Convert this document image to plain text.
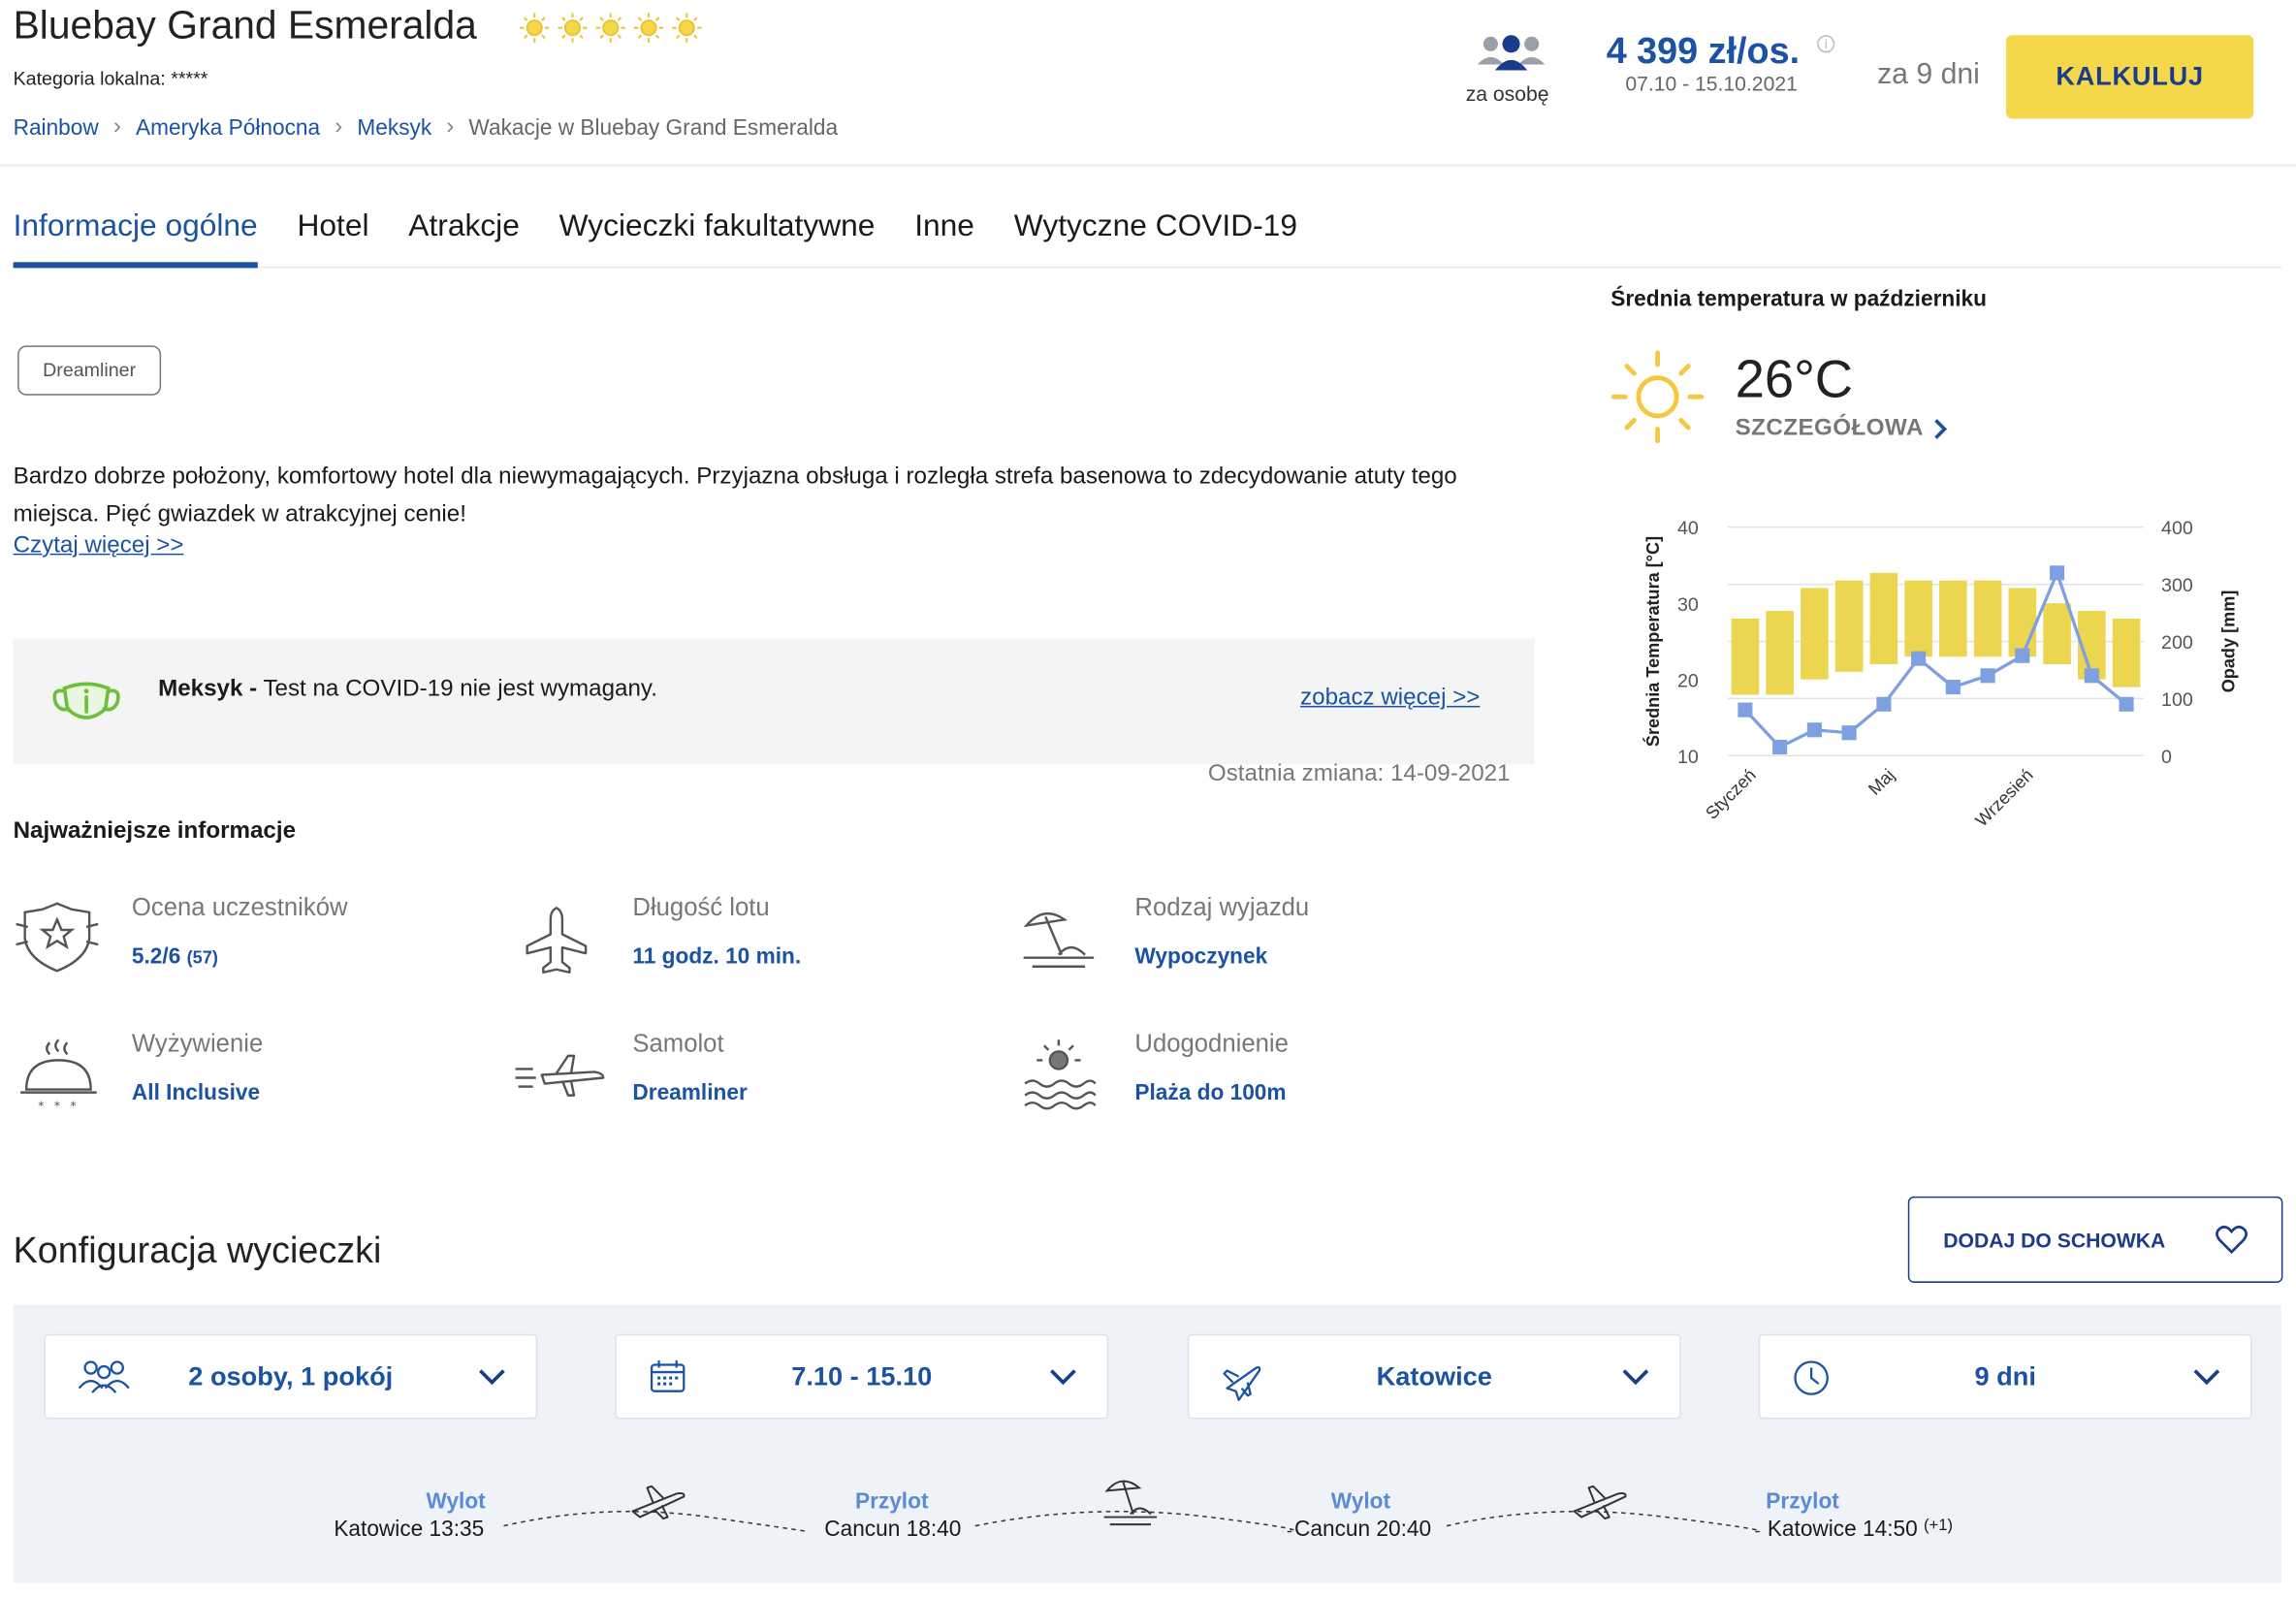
Bluebay Grand Esmeralda
Kategoria lokalna: *****
Rainbow › Ameryka Północna › Meksyk › Wakacje w Bluebay Grand Esmeralda
za osobę
4 399 zł/os.	i
07.10 - 15.10.2021	za 9 dni	KALKULUJ
Informacje ogólne Hotel Atrakcje Wycieczki fakultatywne Inne Wytyczne COVID-19
Dreamliner
Bardzo dobrze położony, komfortowy hotel dla niewymagających. Przyjazna obsługa i rozległa strefa basenowa to zdecydowanie atuty tego miejsca. Pięć gwiazdek w atrakcyjnej cenie!
Czytaj więcej >>
Meksyk - Test na COVID-19 nie jest wymagany.	zobacz więcej >>
Ostatnia zmiana: 14-09-2021
Najważniejsze informacje
Ocena uczestników
5.2/6 (57)
Długość lotu
11 godz. 10 min.
Rodzaj wyjazdu
Wypoczynek
* * *
Wyżywienie
All Inclusive
Samolot
Dreamliner
Udogodnienie
Plaża do 100m
Średnia temperatura w październiku
26°C
SZCZEGÓŁOWA
10
20
30
40
0
100
200
300
400
Średnia Temperatura [°C]	Opady [mm]
Styczeń	Maj	Wrzesień
Konfiguracja wycieczki	DODAJ DO SCHOWKA
2 osoby, 1 pokój	7.10 - 15.10	Katowice	9 dni
Wylot
Katowice 13:35
Przylot
Cancun 18:40
Wylot
Cancun 20:40
Przylot
Katowice 14:50 $^{(+1)}$
